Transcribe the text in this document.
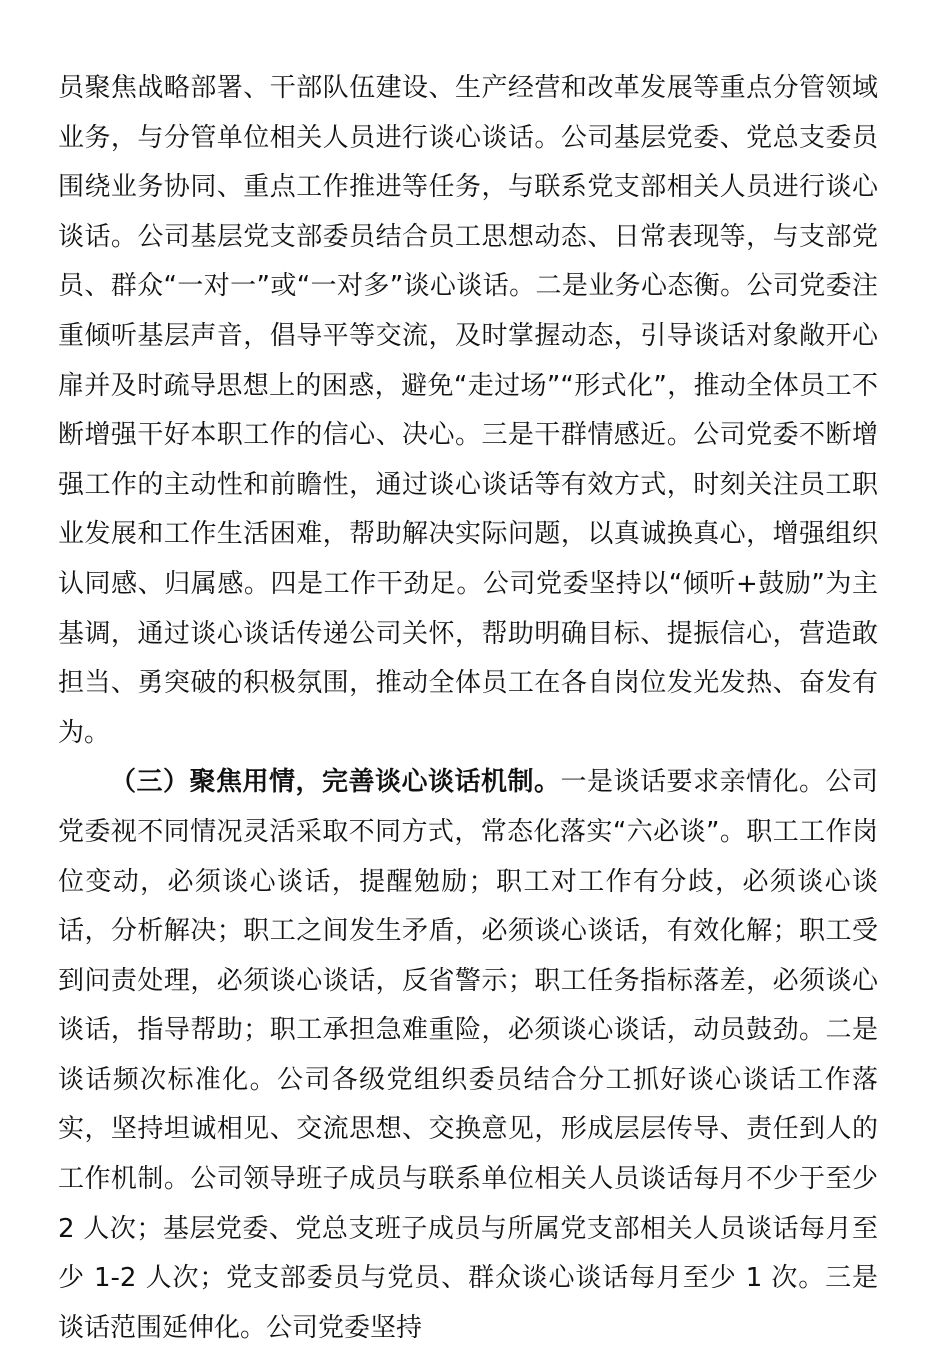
员聚焦战略部署、干部队伍建设、生产经营和改革发展等重点分管领域业务，与分管单位相关人员进行谈心谈话。公司基层党委、党总支委员围绕业务协同、重点工作推进等任务，与联系党支部相关人员进行谈心谈话。公司基层党支部委员结合员工思想动态、日常表现等，与支部党员、群众“一对一”或“一对多”谈心谈话。二是业务心态衡。公司党委注重倾听基层声音，倡导平等交流，及时掌握动态，引导谈话对象敞开心扉并及时疏导思想上的困惑，避免“走过场”“形式化”，推动全体员工不断增强干好本职工作的信心、决心。三是干群情感近。公司党委不断增强工作的主动性和前瞻性，通过谈心谈话等有效方式，时刻关注员工职业发展和工作生活困难，帮助解决实际问题，以真诚换真心，增强组织认同感、归属感。四是工作干劲足。公司党委坚持以“倾听+鼓励”为主基调，通过谈心谈话传递公司关怀，帮助明确目标、提振信心，营造敢担当、勇突破的积极氛围，推动全体员工在各自岗位发光发热、奋发有为。

（三）聚焦用情，完善谈心谈话机制。一是谈话要求亲情化。公司党委视不同情况灵活采取不同方式，常态化落实“六必谈”。职工工作岗位变动，必须谈心谈话，提醒勉励；职工对工作有分歧，必须谈心谈话，分析解决；职工之间发生矛盾，必须谈心谈话，有效化解；职工受到问责处理，必须谈心谈话，反省警示；职工任务指标落差，必须谈心谈话，指导帮助；职工承担急难重险，必须谈心谈话，动员鼓劲。二是谈话频次标准化。公司各级党组织委员结合分工抓好谈心谈话工作落实，坚持坦诚相见、交流思想、交换意见，形成层层传导、责任到人的工作机制。公司领导班子成员与联系单位相关人员谈话每月不少于至少 2 人次；基层党委、党总支班子成员与所属党支部相关人员谈话每月至少 1-2 人次；党支部委员与党员、群众谈心谈话每月至少 1 次。三是谈话范围延伸化。公司党委坚持
